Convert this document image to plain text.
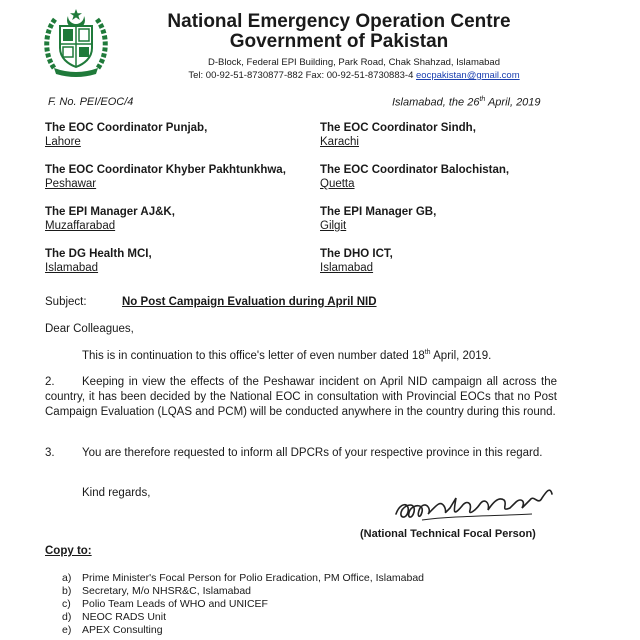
National Emergency Operation Centre
Government of Pakistan
D-Block, Federal EPI Building, Park Road, Chak Shahzad, Islamabad
Tel: 00-92-51-8730877-882 Fax: 00-92-51-8730883-4 eocpakistan@gmail.com
F. No. PEI/EOC/4	Islamabad, the 26th April, 2019
The EOC Coordinator Punjab,
Lahore
The EOC Coordinator Sindh,
Karachi
The EOC Coordinator Khyber Pakhtunkhwa,
Peshawar
The EOC Coordinator Balochistan,
Quetta
The EPI Manager AJ&K,
Muzaffarabad
The EPI Manager GB,
Gilgit
The DG Health MCI,
Islamabad
The DHO ICT,
Islamabad
Subject:	No Post Campaign Evaluation during April NID
Dear Colleagues,
This is in continuation to this office's letter of even number dated 18th April, 2019.
2. Keeping in view the effects of the Peshawar incident on April NID campaign all across the country, it has been decided by the National EOC in consultation with Provincial EOCs that no Post Campaign Evaluation (LQAS and PCM) will be conducted anywhere in the country during this round.
3. You are therefore requested to inform all DPCRs of your respective province in this regard.
Kind regards,
(National Technical Focal Person)
Copy to:
a) Prime Minister's Focal Person for Polio Eradication, PM Office, Islamabad
b) Secretary, M/o NHSR&C, Islamabad
c) Polio Team Leads of WHO and UNICEF
d) NEOC RADS Unit
e) APEX Consulting
